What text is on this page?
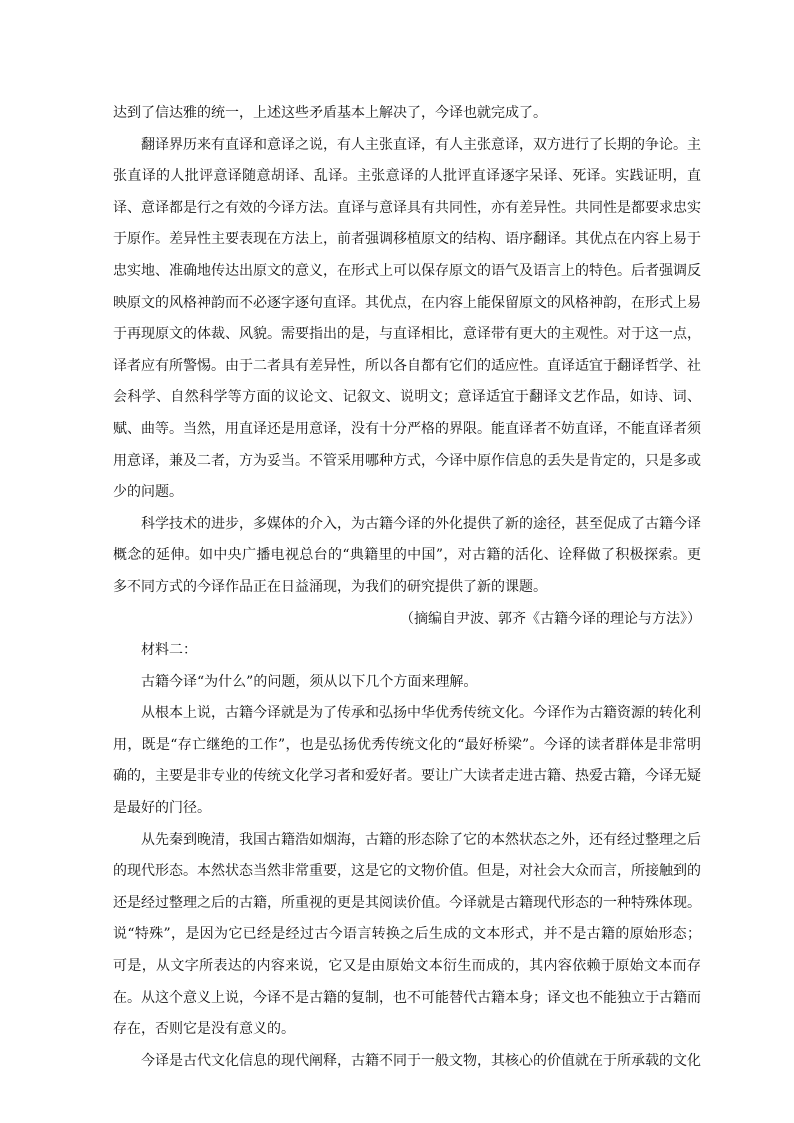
达到了信达雅的统一，上述这些矛盾基本上解决了，今译也就完成了。

翻译界历来有直译和意译之说，有人主张直译，有人主张意译，双方进行了长期的争论。主张直译的人批评意译随意胡译、乱译。主张意译的人批评直译逐字呆译、死译。实践证明，直译、意译都是行之有效的今译方法。直译与意译具有共同性，亦有差异性。共同性是都要求忠实于原作。差异性主要表现在方法上，前者强调移植原文的结构、语序翻译。其优点在内容上易于忠实地、准确地传达出原文的意义，在形式上可以保存原文的语气及语言上的特色。后者强调反映原文的风格神韵而不必逐字逐句直译。其优点，在内容上能保留原文的风格神韵，在形式上易于再现原文的体裁、风貌。需要指出的是，与直译相比，意译带有更大的主观性。对于这一点，译者应有所警惕。由于二者具有差异性，所以各自都有它们的适应性。直译适宜于翻译哲学、社会科学、自然科学等方面的议论文、记叙文、说明文；意译适宜于翻译文艺作品，如诗、词、赋、曲等。当然，用直译还是用意译，没有十分严格的界限。能直译者不妨直译，不能直译者须用意译，兼及二者，方为妥当。不管采用哪种方式，今译中原作信息的丢失是肯定的，只是多或少的问题。

科学技术的进步，多媒体的介入，为古籍今译的外化提供了新的途径，甚至促成了古籍今译概念的延伸。如中央广播电视总台的“典籍里的中国”，对古籍的活化、诠释做了积极探索。更多不同方式的今译作品正在日益涌现，为我们的研究提供了新的课题。

（摘编自尹波、郭齐《古籍今译的理论与方法》）

材料二：

古籍今译“为什么”的问题，须从以下几个方面来理解。

从根本上说，古籍今译就是为了传承和弘扬中华优秀传统文化。今译作为古籍资源的转化利用，既是“存亡继绝的工作”，也是弘扬优秀传统文化的“最好桥梁”。今译的读者群体是非常明确的，主要是非专业的传统文化学习者和爱好者。要让广大读者走进古籍、热爱古籍，今译无疑是最好的门径。

从先秦到晚清，我国古籍浩如烟海，古籍的形态除了它的本然状态之外，还有经过整理之后的现代形态。本然状态当然非常重要，这是它的文物价值。但是，对社会大众而言，所接触到的还是经过整理之后的古籍，所重视的更是其阅读价值。今译就是古籍现代形态的一种特殊体现。说“特殊”，是因为它已经是经过古今语言转换之后生成的文本形式，并不是古籍的原始形态；可是，从文字所表达的内容来说，它又是由原始文本衍生而成的，其内容依赖于原始文本而存在。从这个意义上说，今译不是古籍的复制，也不可能替代古籍本身；译文也不能独立于古籍而存在，否则它是没有意义的。

今译是古代文化信息的现代阐释，古籍不同于一般文物，其核心的价值就在于所承载的文化
